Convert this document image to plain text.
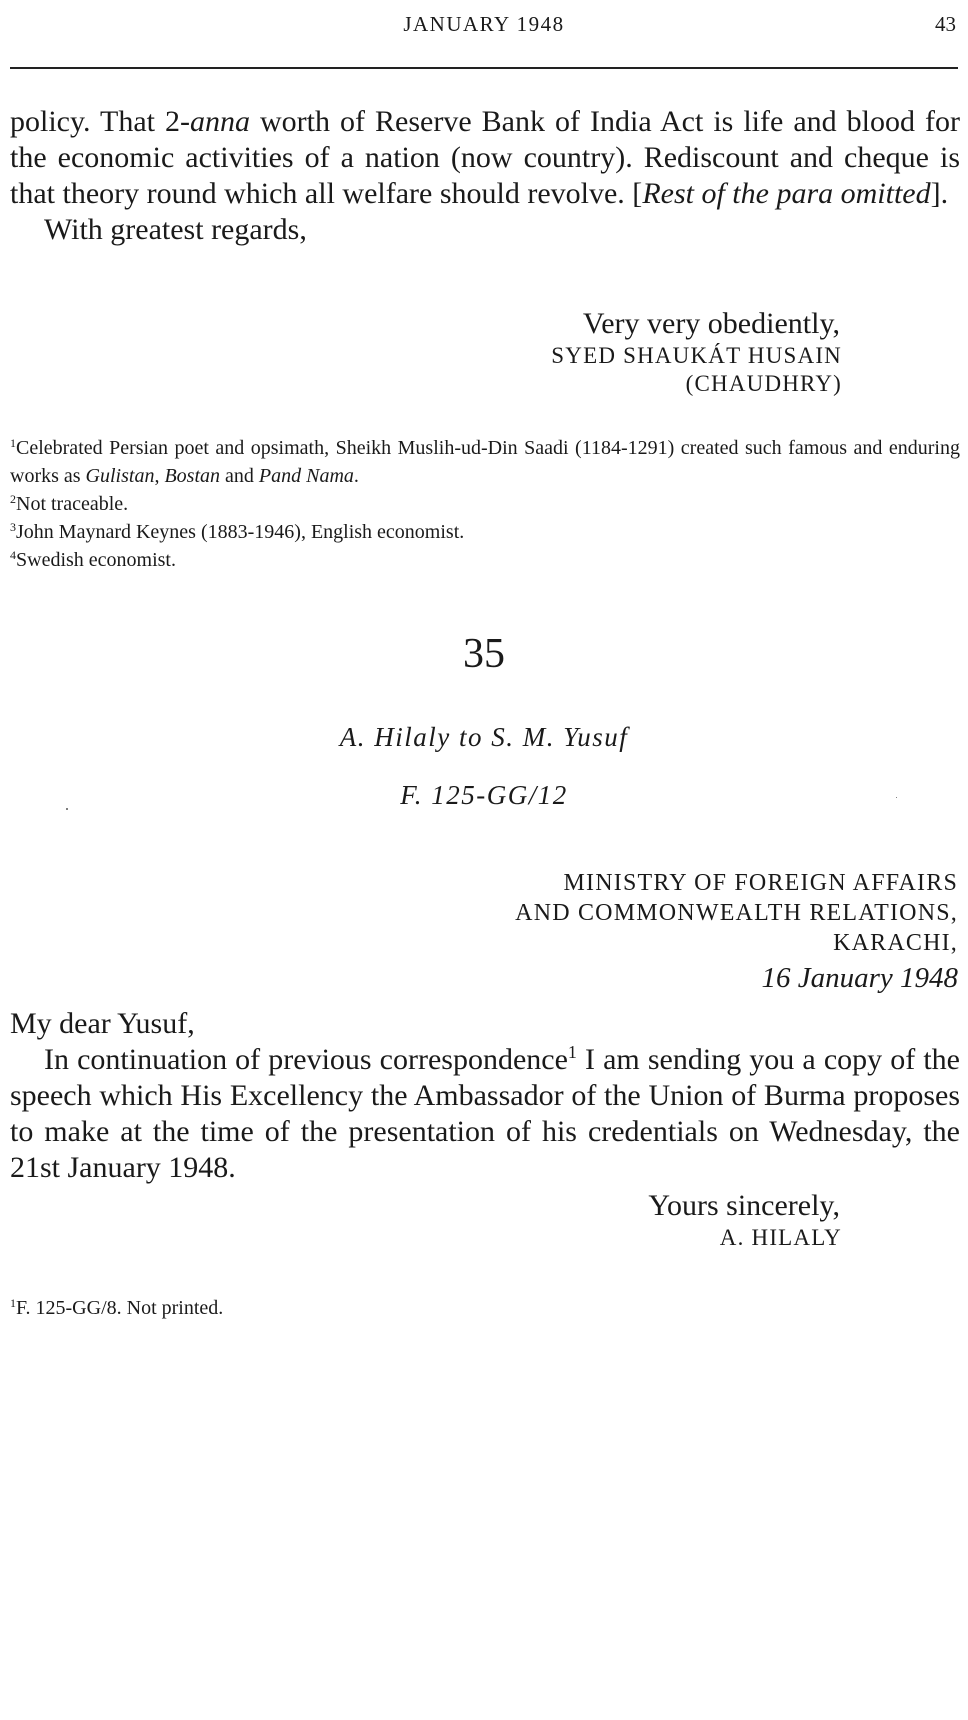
JANUARY 1948	43

policy. That 2-anna worth of Reserve Bank of India Act is life and blood for the economic activities of a nation (now country). Rediscount and cheque is that theory round which all welfare should revolve. [Rest of the para omitted].

With greatest regards,

Very very obediently,
SYED SHAUKÁT HUSAIN
(CHAUDHRY)
$^1$Celebrated Persian poet and opsimath, Sheikh Muslih-ud-Din Saadi (1184-1291) created such famous and enduring works as Gulistan, Bostan and Pand Nama.
$^2$Not traceable.
$^3$John Maynard Keynes (1883-1946), English economist.
$^4$Swedish economist.
35
A. Hilaly to S. M. Yusuf
F. 125-GG/12
MINISTRY OF FOREIGN AFFAIRS
AND COMMONWEALTH RELATIONS,
KARACHI,
16 January 1948

My dear Yusuf,

In continuation of previous correspondence$^1$ I am sending you a copy of the speech which His Excellency the Ambassador of the Union of Burma proposes to make at the time of the presentation of his credentials on Wednesday, the 21st January 1948.

Yours sincerely,
A. HILALY
$^1$F. 125-GG/8. Not printed.
